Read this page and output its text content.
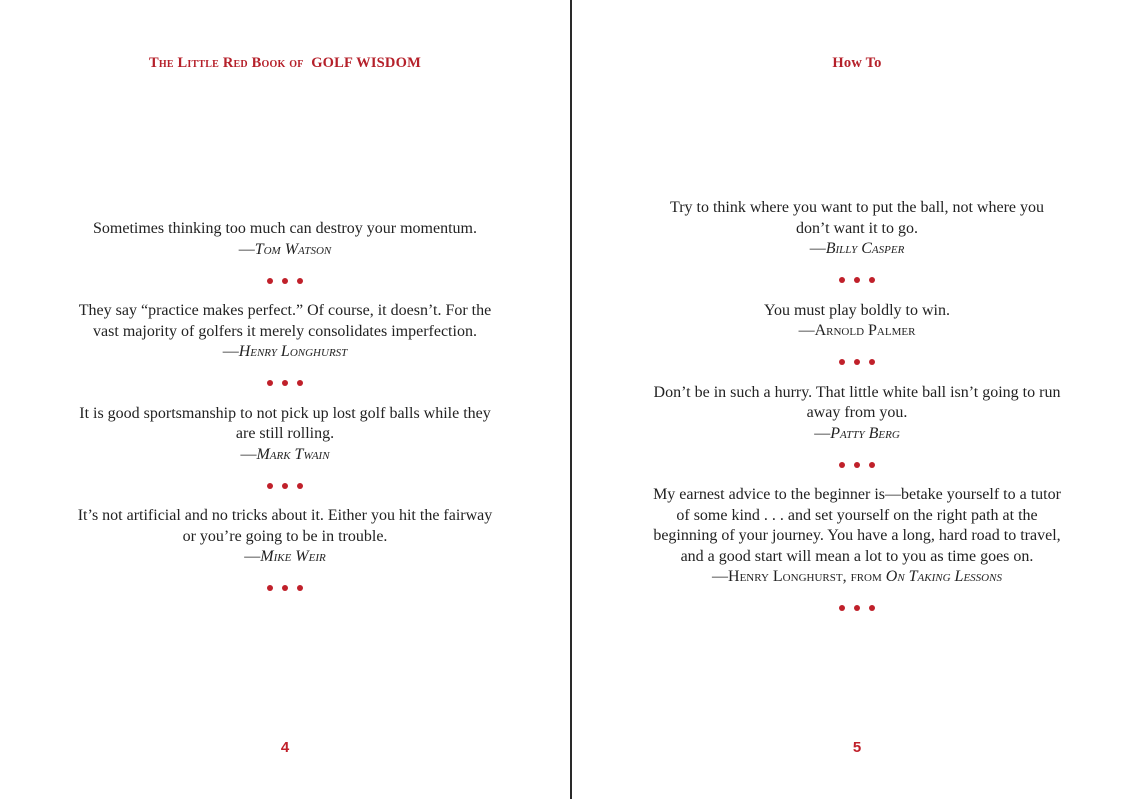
The Little Red Book of GOLF WISDOM
Sometimes thinking too much can destroy your momentum.
—Tom Watson
They say “practice makes perfect.” Of course, it doesn’t. For the vast majority of golfers it merely consolidates imperfection.
—Henry Longhurst
It is good sportsmanship to not pick up lost golf balls while they are still rolling.
—Mark Twain
It’s not artificial and no tricks about it. Either you hit the fairway or you’re going to be in trouble.
—Mike Weir
4
How To
Try to think where you want to put the ball, not where you don’t want it to go.
—Billy Casper
You must play boldly to win.
—Arnold Palmer
Don’t be in such a hurry. That little white ball isn’t going to run away from you.
—Patty Berg
My earnest advice to the beginner is—betake yourself to a tutor of some kind . . . and set yourself on the right path at the beginning of your journey. You have a long, hard road to travel, and a good start will mean a lot to you as time goes on.
—Henry Longhurst, from On Taking Lessons
5
